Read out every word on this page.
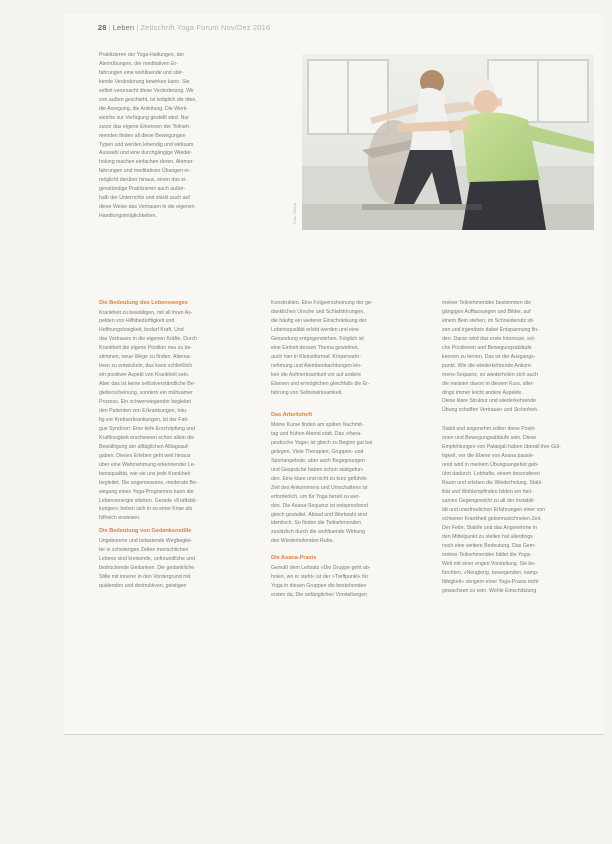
28 | Leben | Zeitschrift Yoga Forum Nov/Dez 2016
Praktizieren der Yoga-Haltungen, der
Atemübungen, der meditativen Er-
fahrungen eine wohltuende und stär-
kende Veränderung bewirken kann. Sie
selbst verursacht diese Veränderung. Wir
von außen geschieht, ist lediglich die Idee,
die Anregung, die Anleitung. Die Werk-
welche zur Verfügung gestellt wird. Nur
zuvor das eigene Erkennen der Teilneh-
menden finden all diese Bewegungen
Typen und werden lebendig und wirksam.
Auswahl und eine durchgängige Wieder-
holung machen einfachen deren. Atemer-
fahrungen und meditativen Übungen er-
möglicht darüber hinaus, einen das ei-
genständige Praktizieren auch außer-
halb der Unterrichts und stärkt auch auf
diese Weise das Vertrauen in die eigenen
Handlungsmöglichkeiten.	Foto: iStock
Die Bedeutung des Lebensweges
Krankheit zu bewältigen, mit all ihren As-
pekten von Hilfsbedürftigkeit und
Hoffnungslosigkeit, bedarf Kraft, Und
das Vertrauen in die eigenen Kräfte. Durch
Krankheit die eigene Position neu zu be-
stimmen, neue Wege zu finden. Alterna-
tiven zu entwickeln, das kann schließlich
ein positiver Aspekt von Krankheit sein.
Aber das ist keine selbstverständliche Be-
gleiterscheinung, sondern ein mühsamer
Prozess. Ein schwerwiegender begleitet
den Patienten von Erkrankungen, häu-
fig vor Krebserkrankungen, ist der Fati-
gue Syndrom: Eine tiefe Erschöpfung und
Kraftlosigkeit erschweren schon allein die
Bewältigung der alltäglichen Alltagsauf-
gaben. Dieses Erleben geht weit hinaus
über eine Wahrnehmung erkennender Le-
bensqualität, wie sie uns jede Krankheit
begleitet. Die angemessene, moderate Be-
wegung eines Yoga-Programms kann die
Lebensenergie stärken. Gerade »Kraftstär-
kungen« heben sich in so einer Krise als
hilfreich erwiesen.
Die Bedeutung von Gedankenstille
Ungeborene und belastende Wegbeglei-
ter in schwierigen Zeiten menschlichen
Lebens sind kreisende, unfreundliche und
bedrückende Gedanken. Die gedankliche
Stille mit innerer in den Vordergrund mit
quälenden und destruktiven, geistigen
Konstrukten. Eine Folgeerscheinung der ge-
danklichen Unruhe und Schlafstörungen,
die häufig ein weiterer Einschränkung der
Lebensqualität erlebt werden und eine
Gesundung entgegenstehen. Folglich ist
eine Einheit dessen Thema gewidmet,
auch hier in Kleinstformat: Körperwahr-
nehmung und Atembeobachtungen len-
ken die Aufmerksamkeit vor auf andere
Ebenen und ermöglichen gleichfalls die Er-
fahrung von Selbstwirksamkeit.
Das Arbeitsheft
Meine Kurse finden am späten Nachmit-
tag und frühen Abend statt. Das »thera-
peutische Yoga« ist gleich zu Beginn gut bei
gelegen. Viele Therapien, Gruppen- und
Sportangebote, aber auch Begegnungen
und Gespräche haben schon stattgefun-
den. Eine klare und nicht zu kurz geführte
Zeit des Ankommens und Umschaltens ist
erforderlich, um für Yoga bereit zu wer-
den. Die Asana-Sequenz ist entsprechend
gleich gestaltet. Ablauf und Wortwahl sind
identisch. So finden die Teilnehmenden
zusätzlich durch die wohltuende Wirkung
des Wiederholenden Ruhe.
Die Asana-Praxis
Gemäß dem Leitsatz »Die Gruppe geht ab-
holen, wo er steht« ist der »Treffpunkt« für
Yoga in diesen Gruppen die bestehenden
ersten da, Die anfänglichen Vorstellungen
meiner Teilnehmenden bestimmten die
gängigen Auffassungen und Bilder, auf
einem Bein stehen, im Schneidersitz sit-
zen und irgendwie dabei Entspannung fin-
den. Daran wird das erste Interesse, sol-
che Positionen und Bewegungsabläufe
kennen zu lernen. Das ist der Ausgangs-
punkt. Wie die wiederkehrende Ankom-
mens-Sequenz, so wiederholen sich auch
die meisten davon in diesem Kurs, aller-
dings immer leicht andere Aspekte.
Diese klare Struktur und wiederkehrende
Übung schaffen Vertrauen und Sicherheit.
Stabil und angenehm sollen diese Positi-
onen und Bewegungsabläufe sein. Diese
Empfehlungen von Patanjali haben überall ihre Gül-
tigkeit, vor die Ebene von Asana passie-
rend wird in meinem Übungsangebot geb-
ührt dadurch. Lebhafte, einem besonderen
Raum und erleben die Wiederholung. Stabi-
lität und Wohlempfinden bilden ein heil-
sames Gegengewicht zu all der Instabili-
tät und unerfreulichen Erfahrungen einer von
schwerer Krankheit gekennzeichneten Zeit.
Der Fette, Stabile und das Angenehme in
den Mittelpunkt zu stellen hat allerdings
noch eine weitere Bedeutung. Das Gem-
meiner Teilnehmenden bildet die Yoga-
Welt mit einer engen Vorstellung. Sie be-
fürchten, »Neugierig, bewegenden, kamp-
fähigkeit« steigern einer Yoga-Praxis nicht
gewachsen zu sein. Wohle Einschätzung
